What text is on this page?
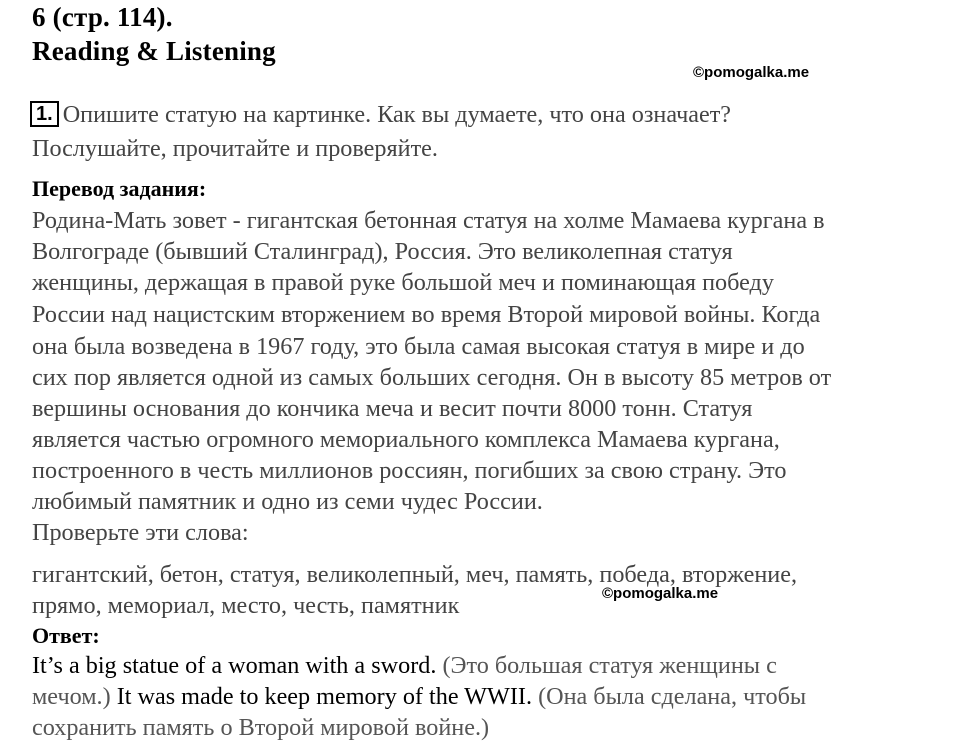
6 (стр. 114).
Reading & Listening
©pomogalka.me
1. Опишите статую на картинке. Как вы думаете, что она означает?
Послушайте, прочитайте и проверяйте.
Перевод задания:
Родина-Мать зовет - гигантская бетонная статуя на холме Мамаева кургана в
Волгограде (бывший Сталинград), Россия. Это великолепная статуя
женщины, держащая в правой руке большой меч и поминающая победу
России над нацистским вторжением во время Второй мировой войны. Когда
она была возведена в 1967 году, это была самая высокая статуя в мире и до
сих пор является одной из самых больших сегодня. Он в высоту 85 метров от
вершины основания до кончика меча и весит почти 8000 тонн. Статуя
является частью огромного мемориального комплекса Мамаева кургана,
построенного в честь миллионов россиян, погибших за свою страну. Это
любимый памятник и одно из семи чудес России.
Проверьте эти слова:
гигантский, бетон, статуя, великолепный, меч, память, победа, вторжение,
прямо, мемориал, место, честь, памятник	©pomogalka.me
Ответ:
It’s a big statue of a woman with a sword. (Это большая статуя женщины с
мечом.) It was made to keep memory of the WWII. (Она была сделана, чтобы
сохранить память о Второй мировой войне.)
